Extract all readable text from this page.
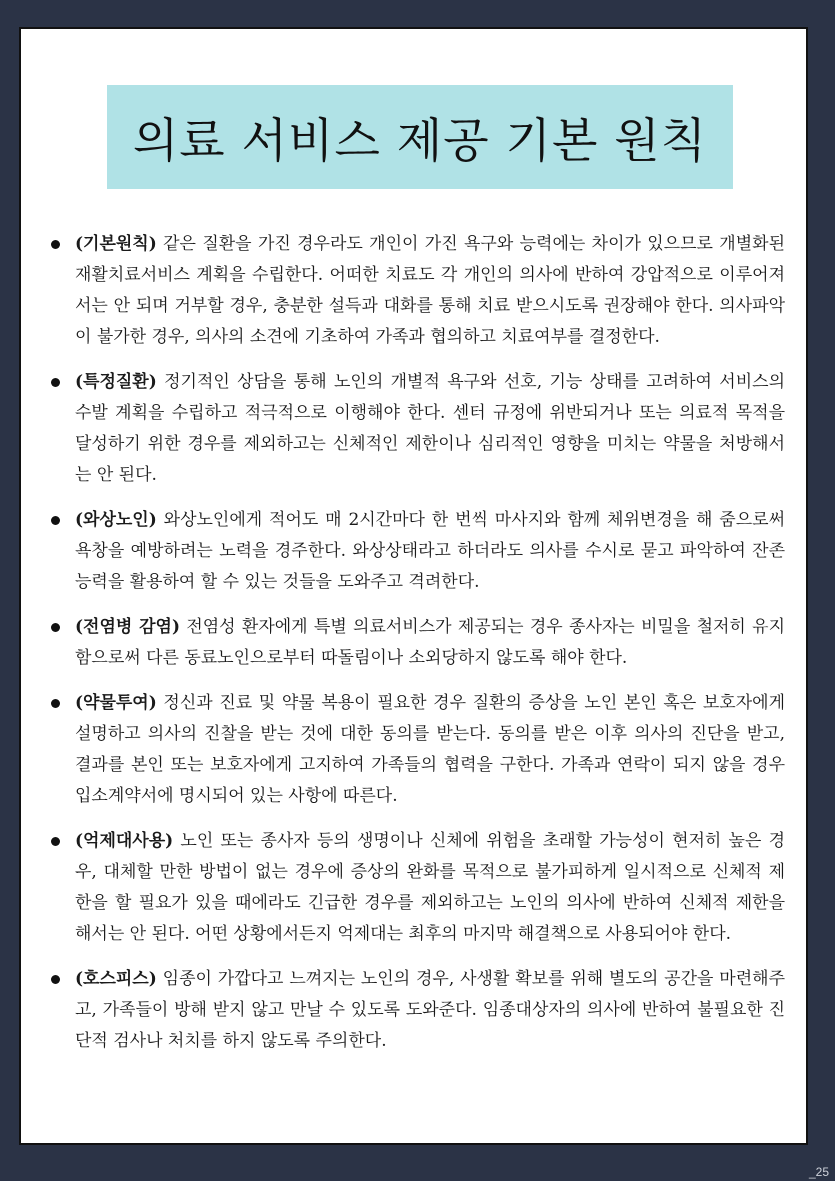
의료 서비스 제공 기본 원칙
(기본원칙) 같은 질환을 가진 경우라도 개인이 가진 욕구와 능력에는 차이가 있으므로 개별화된 재활치료서비스 계획을 수립한다. 어떠한 치료도 각 개인의 의사에 반하여 강압적으로 이루어져서는 안 되며 거부할 경우, 충분한 설득과 대화를 통해 치료 받으시도록 권장해야 한다. 의사파악이 불가한 경우, 의사의 소견에 기초하여 가족과 협의하고 치료여부를 결정한다.
(특정질환) 정기적인 상담을 통해 노인의 개별적 욕구와 선호, 기능 상태를 고려하여 서비스의 수발 계획을 수립하고 적극적으로 이행해야 한다. 센터 규정에 위반되거나 또는 의료적 목적을 달성하기 위한 경우를 제외하고는 신체적인 제한이나 심리적인 영향을 미치는 약물을 처방해서는 안 된다.
(와상노인) 와상노인에게 적어도 매 2시간마다 한 번씩 마사지와 함께 체위변경을 해 줌으로써 욕창을 예방하려는 노력을 경주한다. 와상상태라고 하더라도 의사를 수시로 묻고 파악하여 잔존능력을 활용하여 할 수 있는 것들을 도와주고 격려한다.
(전염병 감염) 전염성 환자에게 특별 의료서비스가 제공되는 경우 종사자는 비밀을 철저히 유지함으로써 다른 동료노인으로부터 따돌림이나 소외당하지 않도록 해야 한다.
(약물투여) 정신과 진료 및 약물 복용이 필요한 경우 질환의 증상을 노인 본인 혹은 보호자에게 설명하고 의사의 진찰을 받는 것에 대한 동의를 받는다. 동의를 받은 이후 의사의 진단을 받고, 결과를 본인 또는 보호자에게 고지하여 가족들의 협력을 구한다. 가족과 연락이 되지 않을 경우 입소계약서에 명시되어 있는 사항에 따른다.
(억제대사용) 노인 또는 종사자 등의 생명이나 신체에 위험을 초래할 가능성이 현저히 높은 경우, 대체할 만한 방법이 없는 경우에 증상의 완화를 목적으로 불가피하게 일시적으로 신체적 제한을 할 필요가 있을 때에라도 긴급한 경우를 제외하고는 노인의 의사에 반하여 신체적 제한을 해서는 안 된다. 어떤 상황에서든지 억제대는 최후의 마지막 해결책으로 사용되어야 한다.
(호스피스) 임종이 가깝다고 느껴지는 노인의 경우, 사생활 확보를 위해 별도의 공간을 마련해주고, 가족들이 방해 받지 않고 만날 수 있도록 도와준다. 임종대상자의 의사에 반하여 불필요한 진단적 검사나 처치를 하지 않도록 주의한다.
_25
